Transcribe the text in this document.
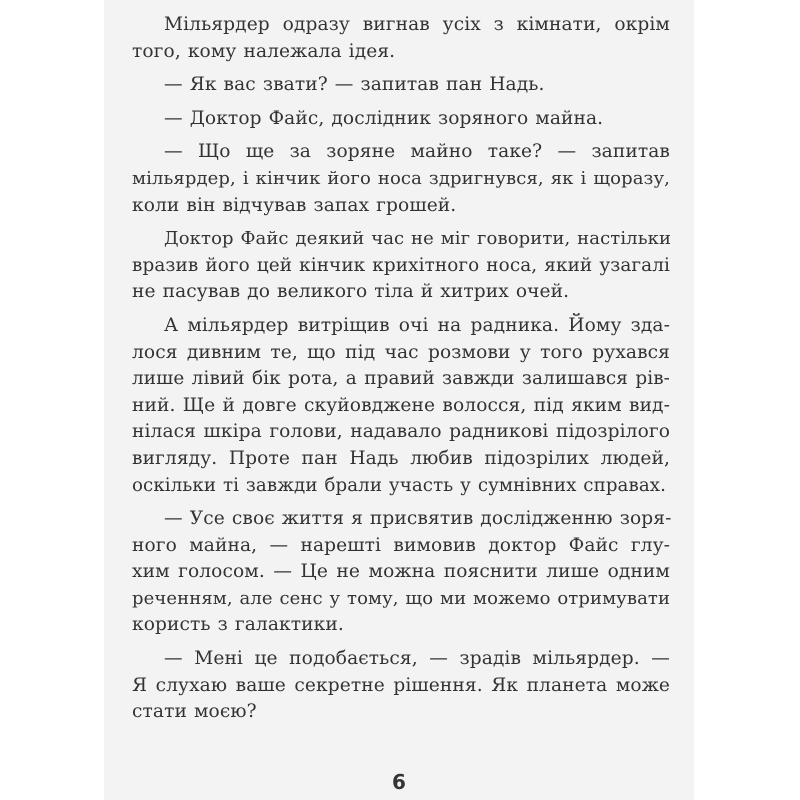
Мільярдер одразу вигнав усіх з кімнати, окрім
того, кому належала ідея.

— Як вас звати? — запитав пан Надь.

— Доктор Файс, дослідник зоряного майна.

— Що ще за зоряне майно таке? — запитав
мільярдер, і кінчик його носа здригнувся, як і щоразу,
коли він відчував запах грошей.

Доктор Файс деякий час не міг говорити, настільки
вразив його цей кінчик крихітного носа, який узагалі
не пасував до великого тіла й хитрих очей.

А мільярдер витріщив очі на радника. Йому зда-
лося дивним те, що під час розмови у того рухався
лише лівий бік рота, а правий завжди залишався рів-
ний. Ще й довге скуйовджене волосся, під яким вид-
нілася шкіра голови, надавало радникові підозрілого
вигляду. Проте пан Надь любив підозрілих людей,
оскільки ті завжди брали участь у сумнівних справах.

— Усе своє життя я присвятив дослідженню зоря-
ного майна, — нарешті вимовив доктор Файс глу-
хим голосом. — Це не можна пояснити лише одним
реченням, але сенс у тому, що ми можемо отримувати
користь з галактики.

— Мені це подобається, — зрадів мільярдер. —
Я слухаю ваше секретне рішення. Як планета може
стати моєю?

6
